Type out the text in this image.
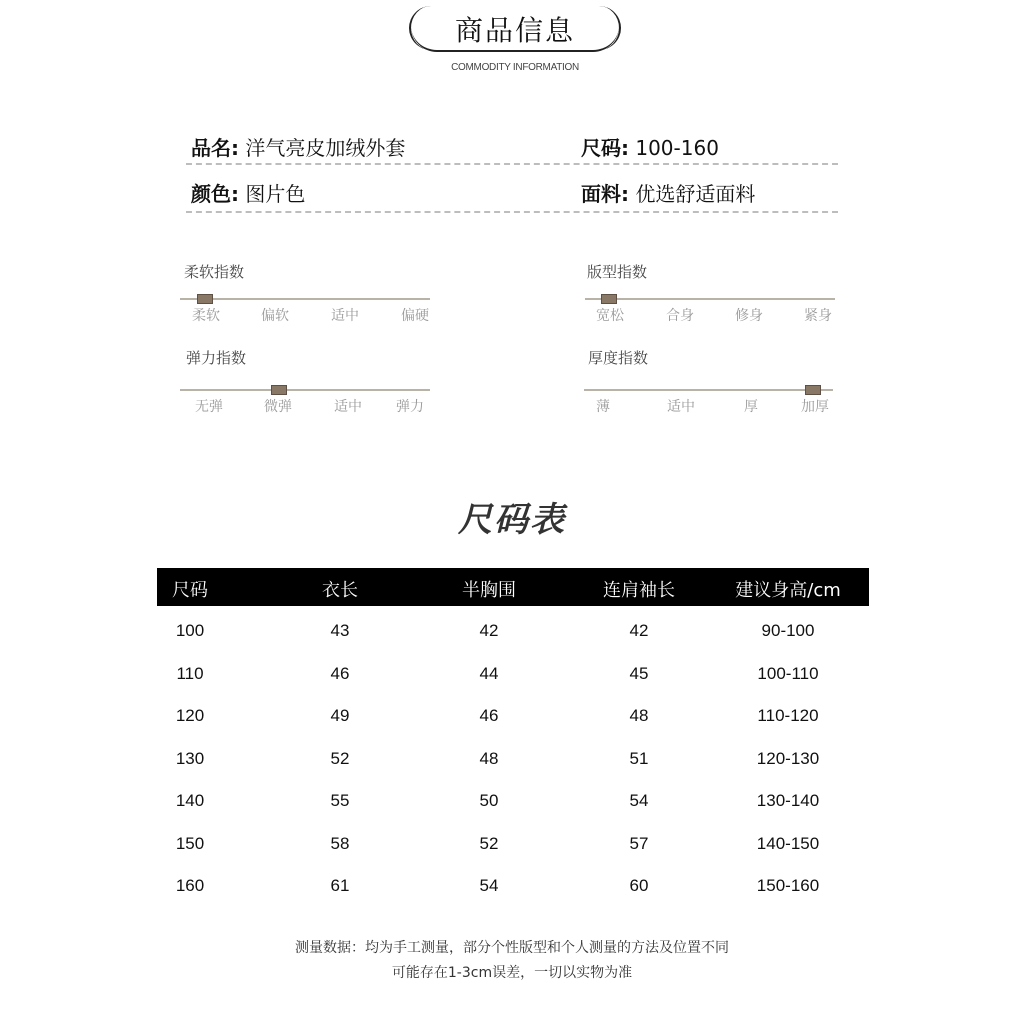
商品信息
COMMODITY INFORMATION
品名: 洋气亮皮加绒外套	尺码: 100-160
颜色: 图片色	面料: 优选舒适面料
柔软指数
柔软	偏软	适中	偏硬
版型指数
宽松	合身	修身	紧身
弹力指数
无弹	微弹	适中 弹力
厚度指数
薄	适中	厚	加厚
尺码表
尺码	衣长	半胸围	连肩袖长	建议身高/cm
100	43	42	42	90-100
110	46	44	45	100-110
120	49	46	48	110-120
130	52	48	51	120-130
140	55	50	54	130-140
150	58	52	57	140-150
160	61	54	60	150-160
测量数据：均为手工测量，部分个性版型和个人测量的方法及位置不同
可能存在1-3cm误差，一切以实物为准
